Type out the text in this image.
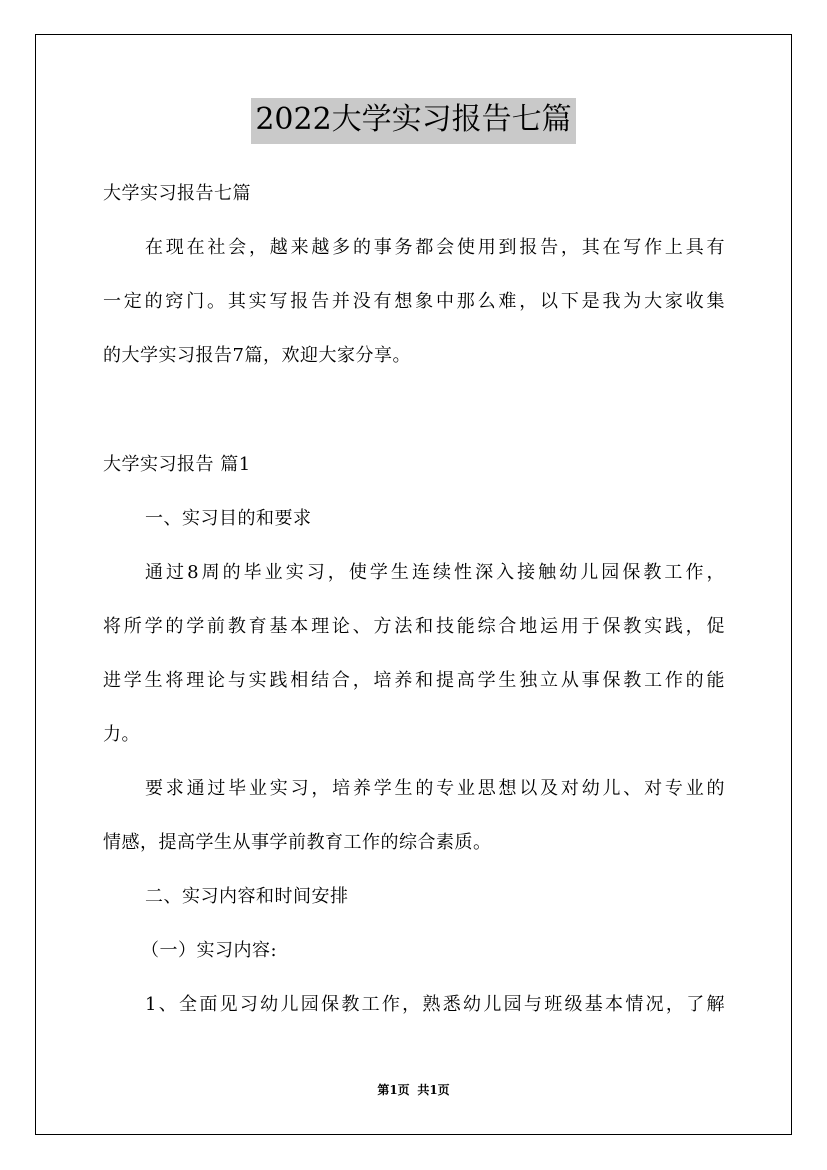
2022大学实习报告七篇
大学实习报告七篇
在现在社会，越来越多的事务都会使用到报告，其在写作上具有
一定的窍门。其实写报告并没有想象中那么难，以下是我为大家收集
的大学实习报告7篇，欢迎大家分享。
大学实习报告 篇1
一、实习目的和要求
通过8周的毕业实习，使学生连续性深入接触幼儿园保教工作，
将所学的学前教育基本理论、方法和技能综合地运用于保教实践，促
进学生将理论与实践相结合，培养和提高学生独立从事保教工作的能
力。
要求通过毕业实习，培养学生的专业思想以及对幼儿、对专业的
情感，提高学生从事学前教育工作的综合素质。
二、实习内容和时间安排
（一）实习内容:
1、全面见习幼儿园保教工作，熟悉幼儿园与班级基本情况，了解
第1页 共1页
